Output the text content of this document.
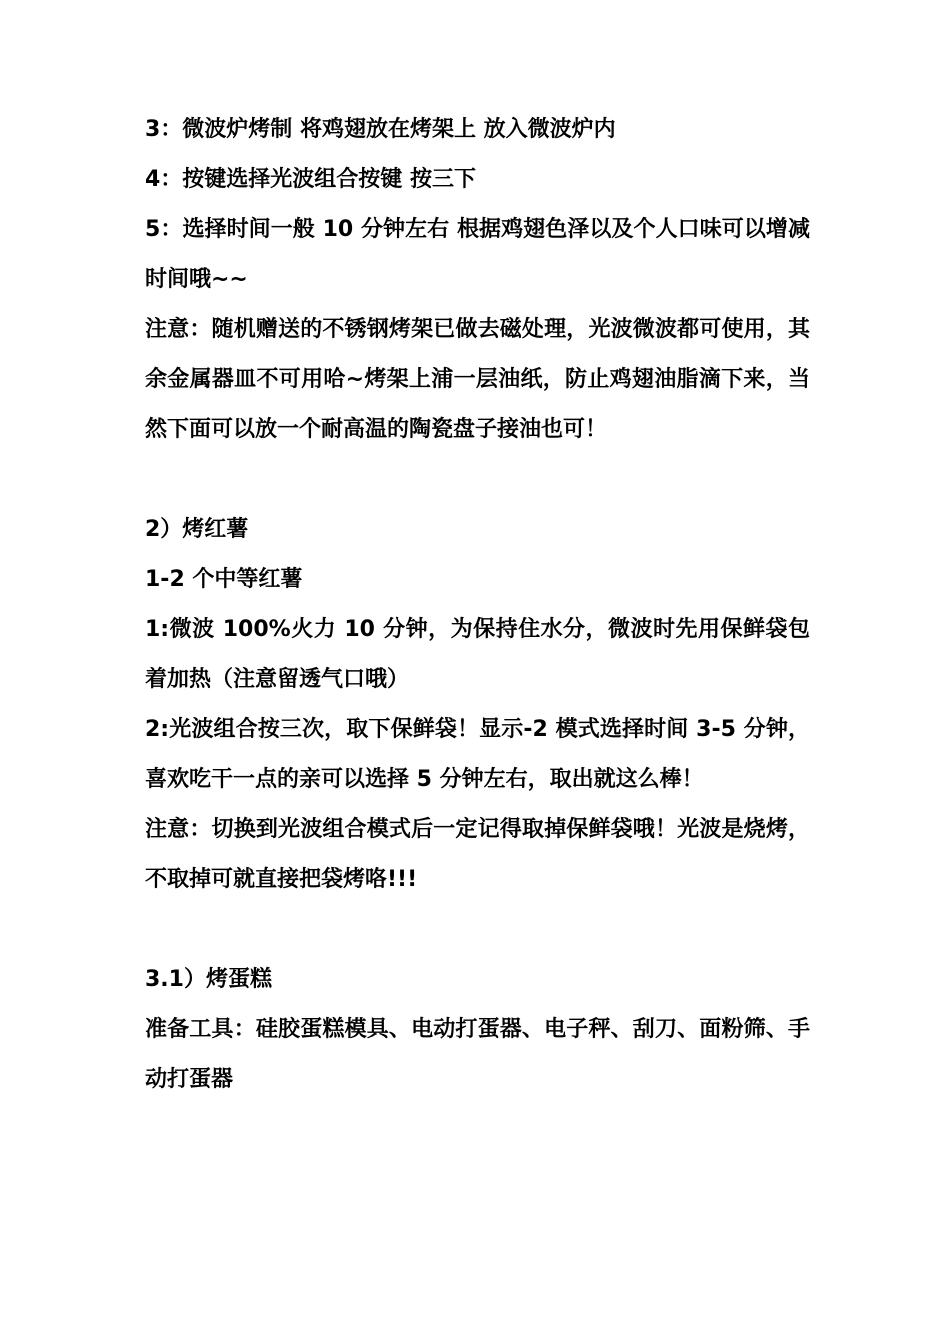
3：微波炉烤制 将鸡翅放在烤架上 放入微波炉内

4：按键选择光波组合按键 按三下

5：选择时间一般 10 分钟左右 根据鸡翅色泽以及个人口味可以增减时间哦~~

注意：随机赠送的不锈钢烤架已做去磁处理，光波微波都可使用，其余金属器皿不可用哈~烤架上浦一层油纸，防止鸡翅油脂滴下来，当然下面可以放一个耐高温的陶瓷盘子接油也可！

2）烤红薯

1-2 个中等红薯

1:微波 100%火力 10 分钟，为保持住水分，微波时先用保鲜袋包着加热（注意留透气口哦）

2:光波组合按三次，取下保鲜袋！显示-2 模式选择时间 3-5 分钟，喜欢吃干一点的亲可以选择 5 分钟左右，取出就这么棒！

注意：切换到光波组合模式后一定记得取掉保鲜袋哦！光波是烧烤，不取掉可就直接把袋烤咯!!!

3.1）烤蛋糕

准备工具：硅胶蛋糕模具、电动打蛋器、电子秤、刮刀、面粉筛、手动打蛋器
